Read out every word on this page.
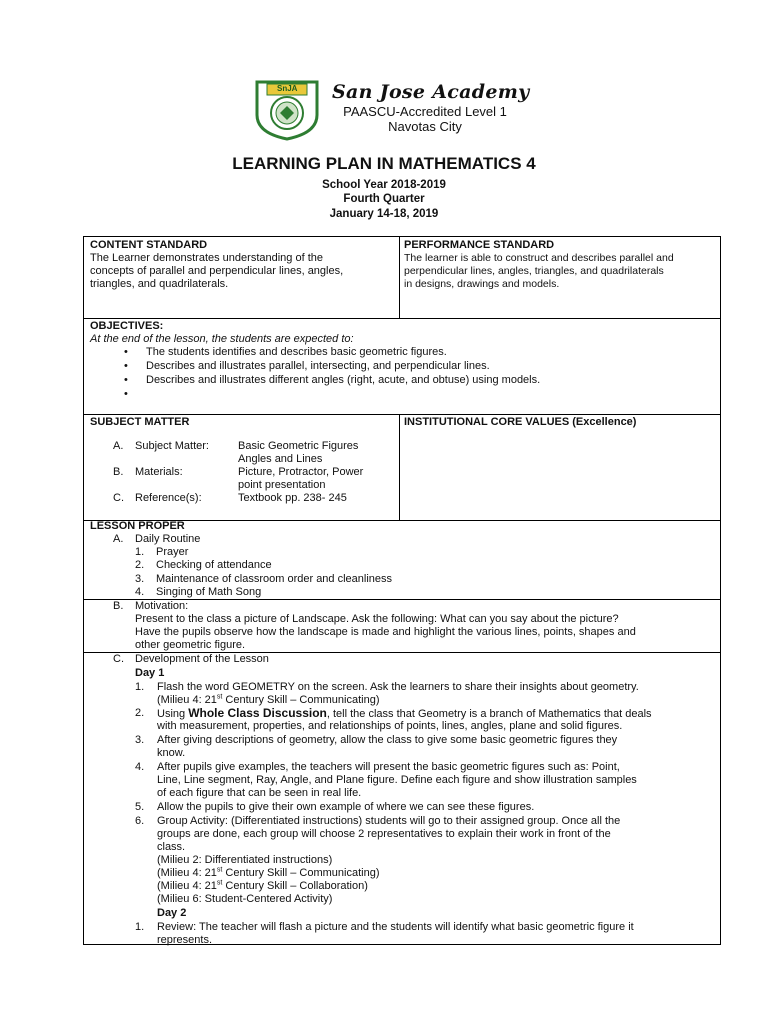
SnJA San Jose Academy
PAASCU-Accredited Level 1
Navotas City
LEARNING PLAN IN MATHEMATICS 4
School Year 2018-2019
Fourth Quarter
January 14-18, 2019
CONTENT STANDARD
The Learner demonstrates understanding of the
concepts of parallel and perpendicular lines, angles,
triangles, and quadrilaterals.
PERFORMANCE STANDARD
The learner is able to construct and describes parallel and
perpendicular lines, angles, triangles, and quadrilaterals
in designs, drawings and models.
OBJECTIVES:
At the end of the lesson, the students are expected to:
• The students identifies and describes basic geometric figures.
• Describes and illustrates parallel, intersecting, and perpendicular lines.
• Describes and illustrates different angles (right, acute, and obtuse) using models.
•
SUBJECT MATTER
A. Subject Matter:	Basic Geometric Figures
Angles and Lines
B. Materials:	Picture, Protractor, Power
point presentation
C. Reference(s):	Textbook pp. 238- 245
INSTITUTIONAL CORE VALUES (Excellence)
LESSON PROPER
A. Daily Routine
1. Prayer
2. Checking of attendance
3. Maintenance of classroom order and cleanliness
4. Singing of Math Song
B. Motivation:
Present to the class a picture of Landscape. Ask the following: What can you say about the picture?
Have the pupils observe how the landscape is made and highlight the various lines, points, shapes and
other geometric figure.
C. Development of the Lesson
Day 1
1. Flash the word GEOMETRY on the screen. Ask the learners to share their insights about geometry.
(Milieu 4: 21st Century Skill – Communicating)
2. Using Whole Class Discussion, tell the class that Geometry is a branch of Mathematics that deals
with measurement, properties, and relationships of points, lines, angles, plane and solid figures.
3. After giving descriptions of geometry, allow the class to give some basic geometric figures they
know.
4. After pupils give examples, the teachers will present the basic geometric figures such as: Point,
Line, Line segment, Ray, Angle, and Plane figure. Define each figure and show illustration samples
of each figure that can be seen in real life.
5. Allow the pupils to give their own example of where we can see these figures.
6. Group Activity: (Differentiated instructions) students will go to their assigned group. Once all the
groups are done, each group will choose 2 representatives to explain their work in front of the
class.
(Milieu 2: Differentiated instructions)
(Milieu 4: 21st Century Skill – Communicating)
(Milieu 4: 21st Century Skill – Collaboration)
(Milieu 6: Student-Centered Activity)
Day 2
1. Review: The teacher will flash a picture and the students will identify what basic geometric figure it
represents.
